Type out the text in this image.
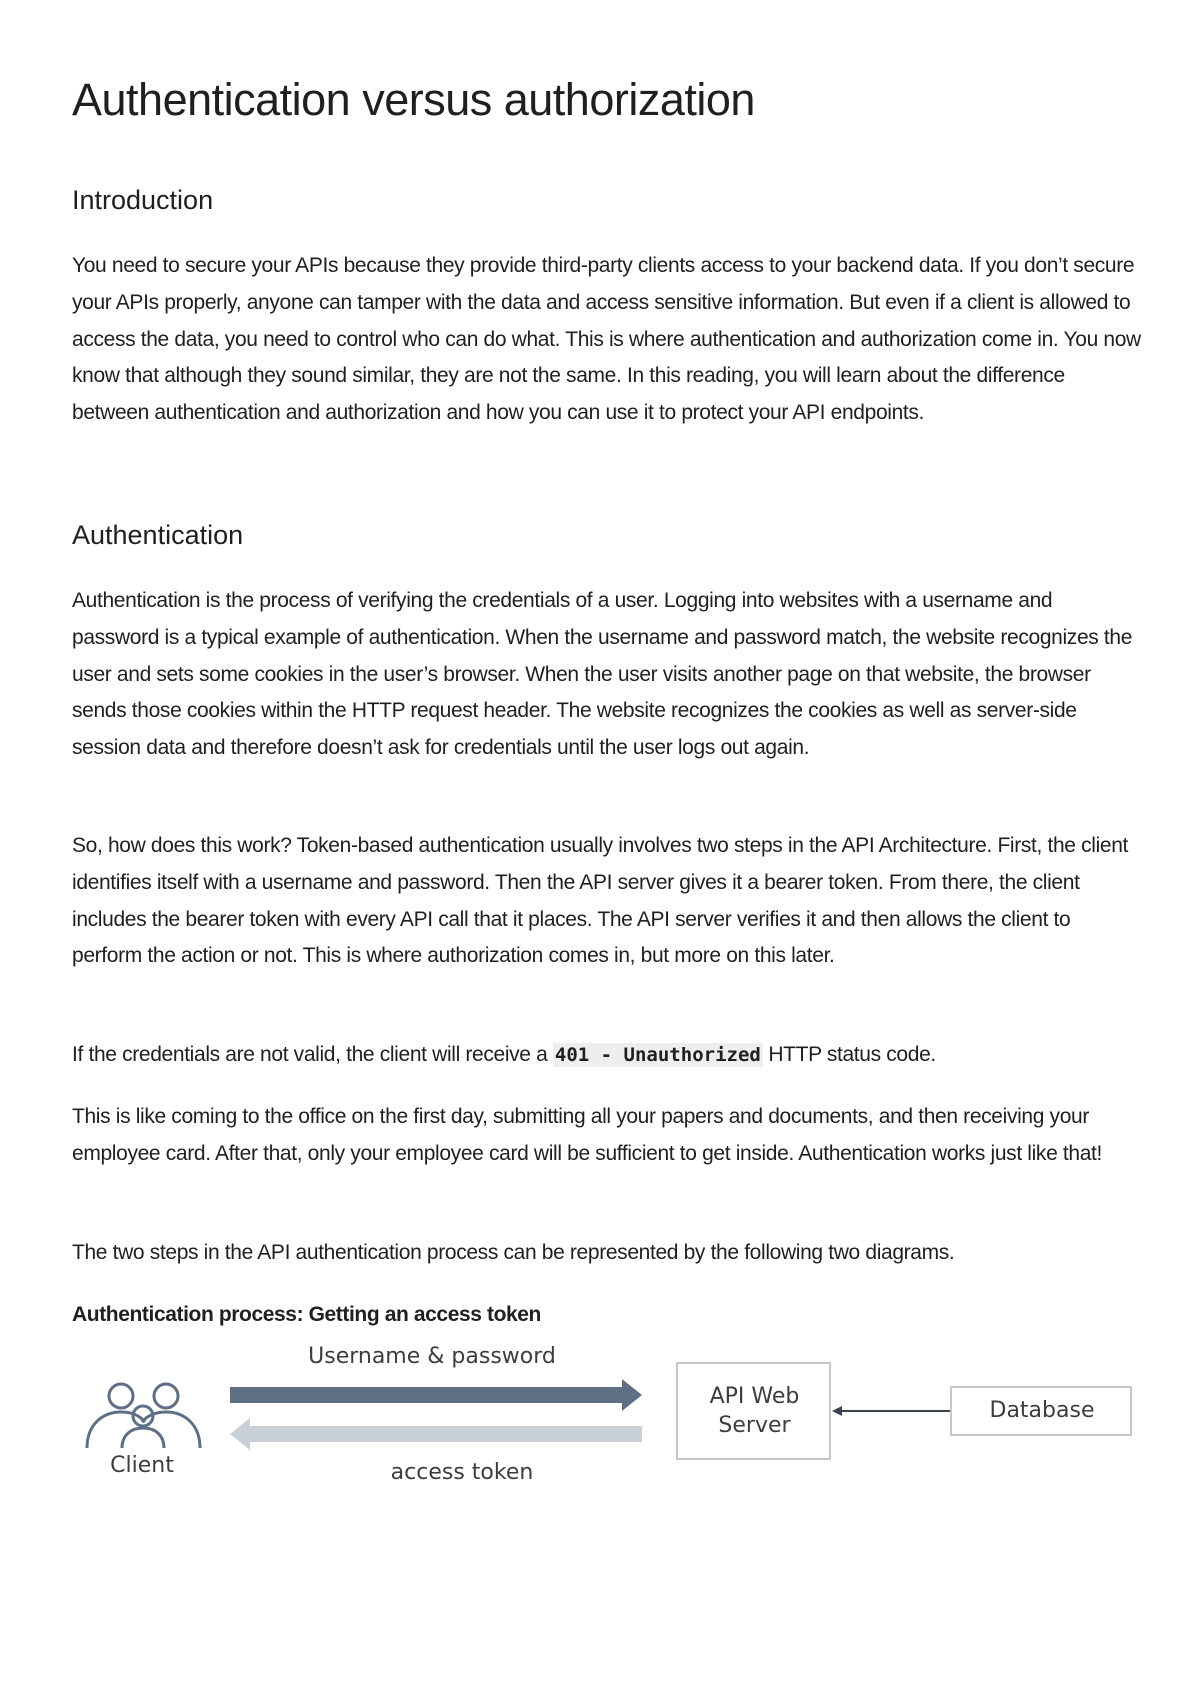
Authentication versus authorization
Introduction

You need to secure your APIs because they provide third-party clients access to your backend data. If you don’t secure your APIs properly, anyone can tamper with the data and access sensitive information. But even if a client is allowed to access the data, you need to control who can do what. This is where authentication and authorization come in. You now know that although they sound similar, they are not the same. In this reading, you will learn about the difference between authentication and authorization and how you can use it to protect your API endpoints.

Authentication

Authentication is the process of verifying the credentials of a user. Logging into websites with a username and password is a typical example of authentication. When the username and password match, the website recognizes the user and sets some cookies in the user’s browser. When the user visits another page on that website, the browser sends those cookies within the HTTP request header. The website recognizes the cookies as well as server-side session data and therefore doesn’t ask for credentials until the user logs out again.

So, how does this work? Token-based authentication usually involves two steps in the API Architecture. First, the client identifies itself with a username and password. Then the API server gives it a bearer token. From there, the client includes the bearer token with every API call that it places. The API server verifies it and then allows the client to perform the action or not. This is where authorization comes in, but more on this later.

If the credentials are not valid, the client will receive a 401 - Unauthorized HTTP status code.

This is like coming to the office on the first day, submitting all your papers and documents, and then receiving your employee card. After that, only your employee card will be sufficient to get inside. Authentication works just like that!

The two steps in the API authentication process can be represented by the following two diagrams.

Authentication process: Getting an access token

Client
Username & password
access token
API Web
Server
Database
